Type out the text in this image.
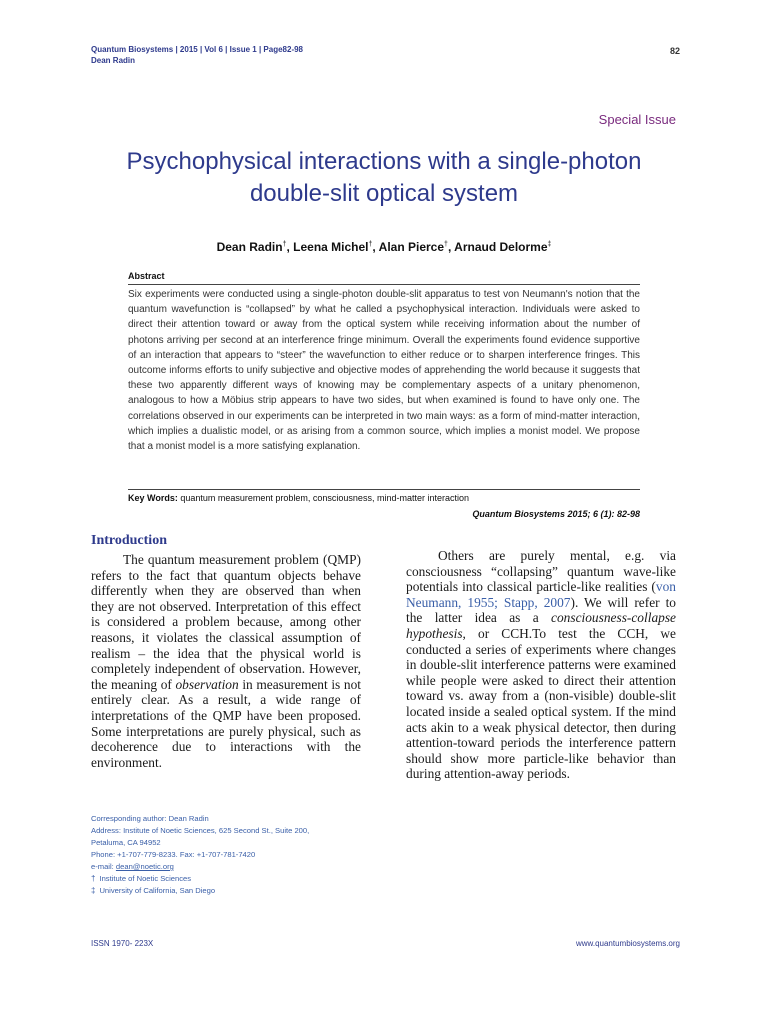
Quantum Biosystems | 2015 | Vol 6 | Issue 1 | Page82-98
Dean Radin
82
Special Issue
Psychophysical interactions with a single-photon
double-slit optical system
Dean Radin†, Leena Michel†, Alan Pierce†, Arnaud Delorme‡
Abstract
Six experiments were conducted using a single-photon double-slit apparatus to test von Neumann's notion that the quantum wavefunction is “collapsed” by what he called a psychophysical interaction. Individuals were asked to direct their attention toward or away from the optical system while receiving information about the number of photons arriving per second at an interference fringe minimum. Overall the experiments found evidence supportive of an interaction that appears to “steer” the wavefunction to either reduce or to sharpen interference fringes. This outcome informs efforts to unify subjective and objective modes of apprehending the world because it suggests that these two apparently different ways of knowing may be complementary aspects of a unitary phenomenon, analogous to how a Möbius strip appears to have two sides, but when examined is found to have only one. The correlations observed in our experiments can be interpreted in two main ways: as a form of mind-matter interaction, which implies a dualistic model, or as arising from a common source, which implies a monist model. We propose that a monist model is a more satisfying explanation.
Key Words: quantum measurement problem, consciousness, mind-matter interaction
Quantum Biosystems 2015; 6 (1): 82-98
Introduction

The quantum measurement problem (QMP) refers to the fact that quantum objects behave differently when they are observed than when they are not observed. Interpretation of this effect is considered a problem because, among other reasons, it violates the classical assumption of realism – the idea that the physical world is completely independent of observation. However, the meaning of observation in measurement is not entirely clear. As a result, a wide range of interpretations of the QMP have been proposed. Some interpretations are purely physical, such as decoherence due to interactions with the environment.

Others are purely mental, e.g. via consciousness “collapsing” quantum wave-like potentials into classical particle-like realities (von Neumann, 1955; Stapp, 2007). We will refer to the latter idea as a consciousness-collapse hypothesis, or CCH.To test the CCH, we conducted a series of experiments where changes in double-slit interference patterns were examined while people were asked to direct their attention toward vs. away from a (non-visible) double-slit located inside a sealed optical system. If the mind acts akin to a weak physical detector, then during attention-toward periods the interference pattern should show more particle-like behavior than during attention-away periods.

Corresponding author: Dean Radin
Address: Institute of Noetic Sciences, 625 Second St., Suite 200,
Petaluma, CA 94952
Phone: +1-707-779-8233. Fax: +1-707-781-7420
e-mail: dean@noetic.org
† Institute of Noetic Sciences
‡ University of California, San Diego
ISSN 1970- 223X	www.quantumbiosystems.org
